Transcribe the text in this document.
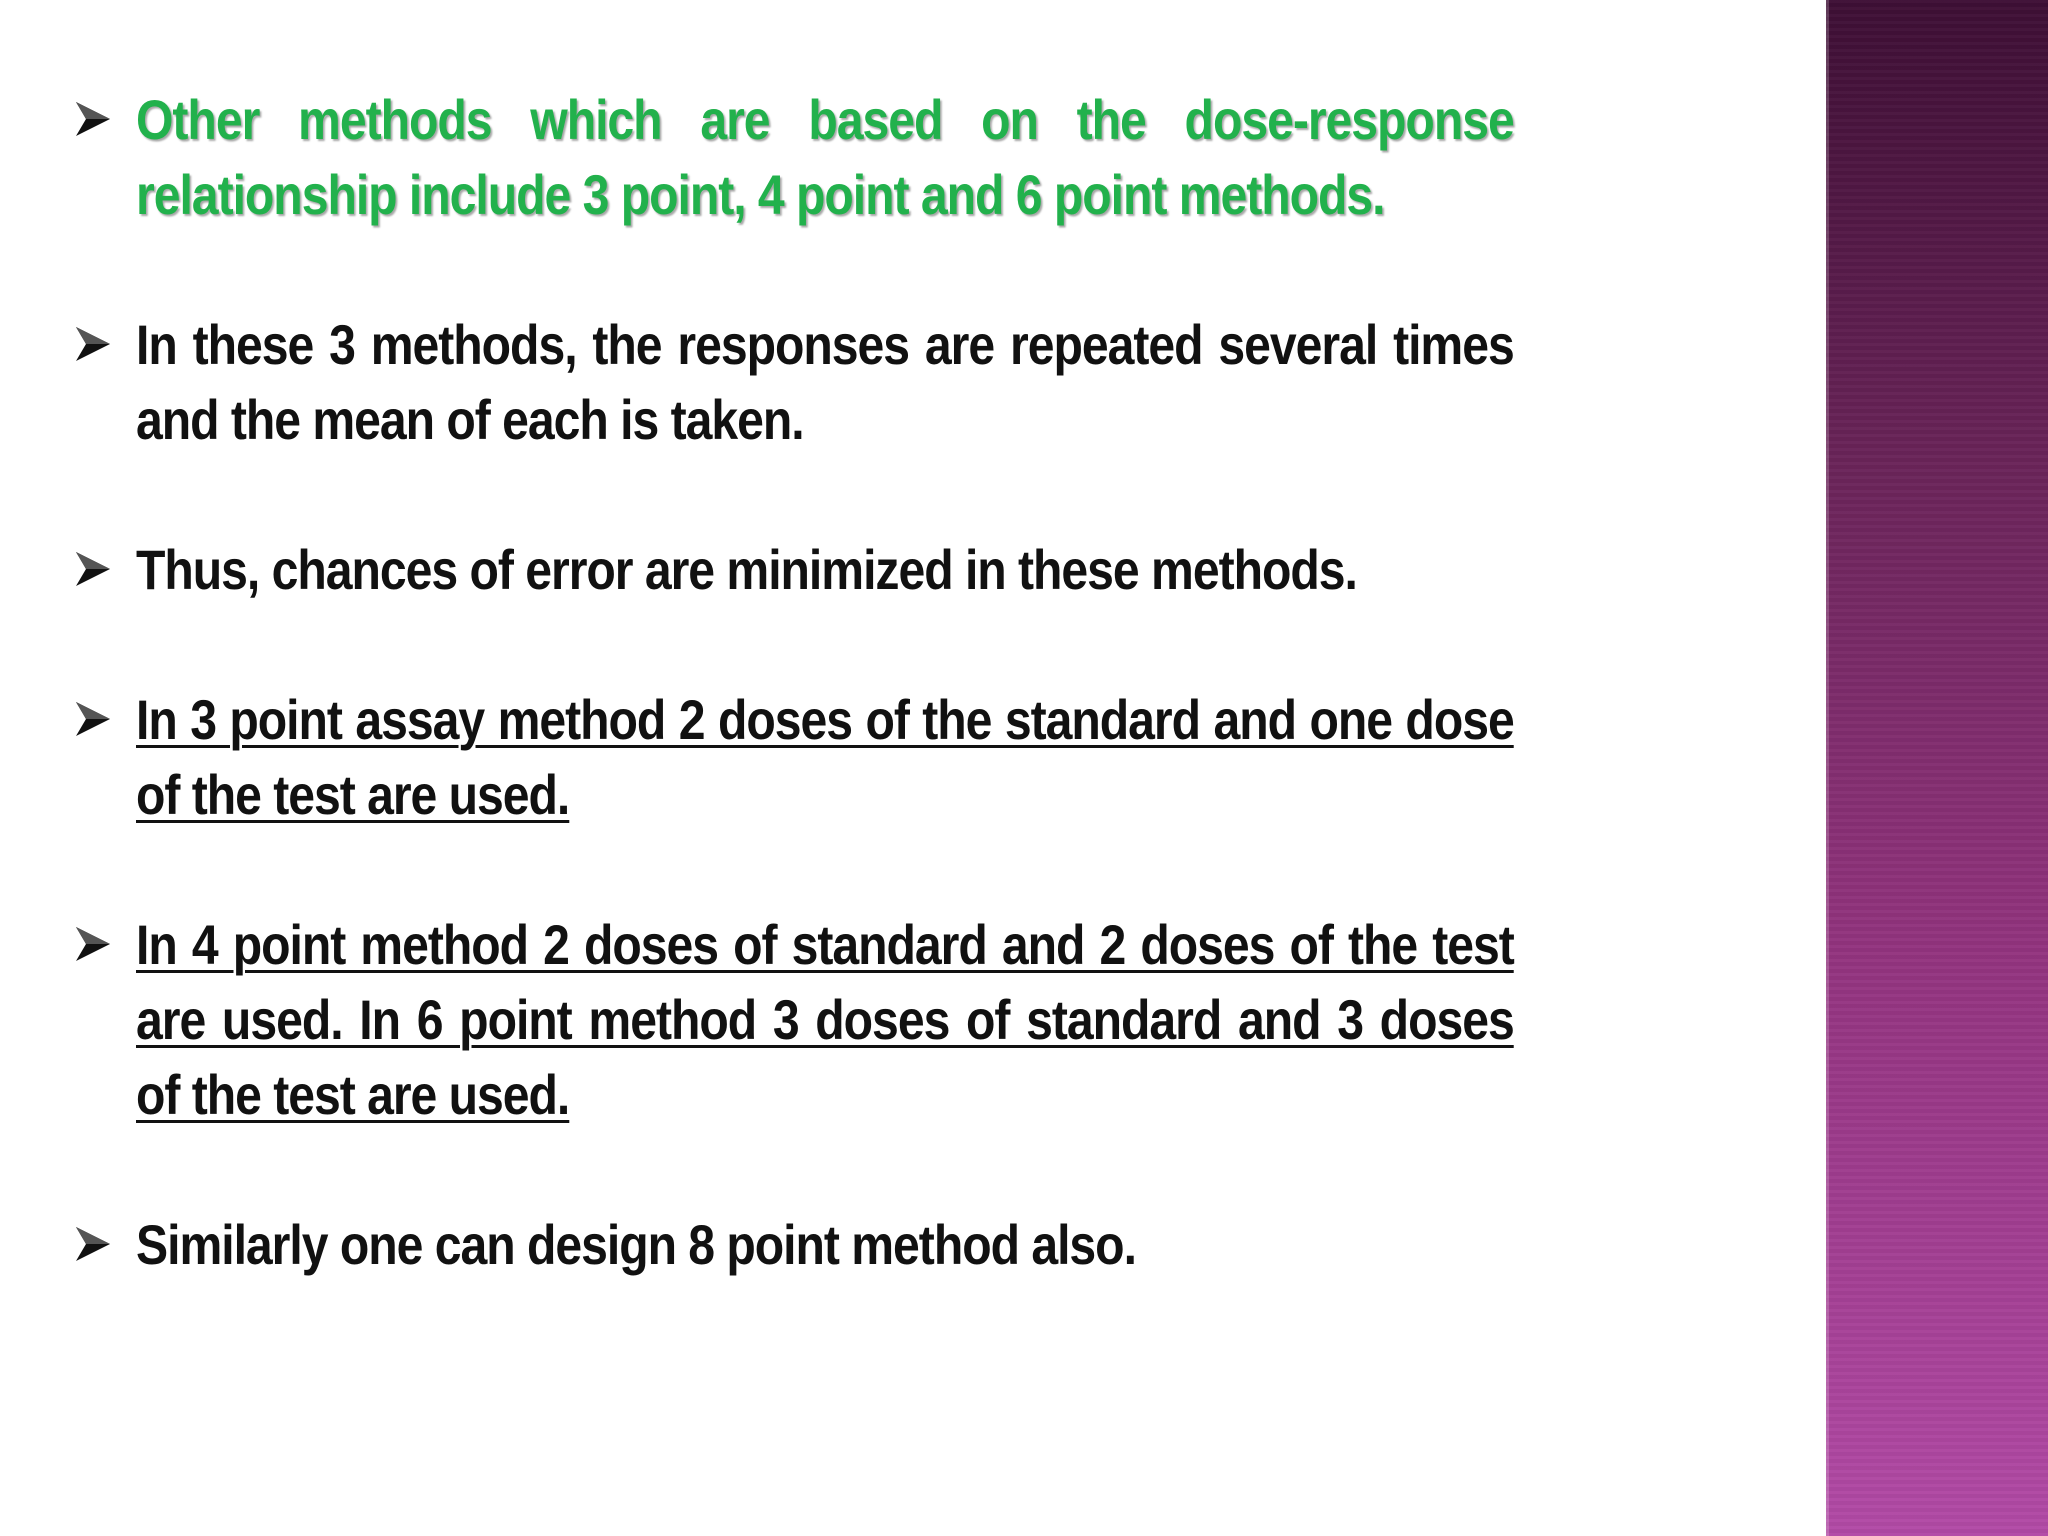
Other methods which are based on the dose-response relationship include 3 point, 4 point and 6 point methods.
In these 3 methods, the responses are repeated several times and the mean of each is taken.
Thus, chances of error are minimized in these methods.
In 3 point assay method 2 doses of the standard and one dose of the test are used.
In 4 point method 2 doses of standard and 2 doses of the test are used. In 6 point method 3 doses of standard and 3 doses of the test are used.
Similarly one can design 8 point method also.
